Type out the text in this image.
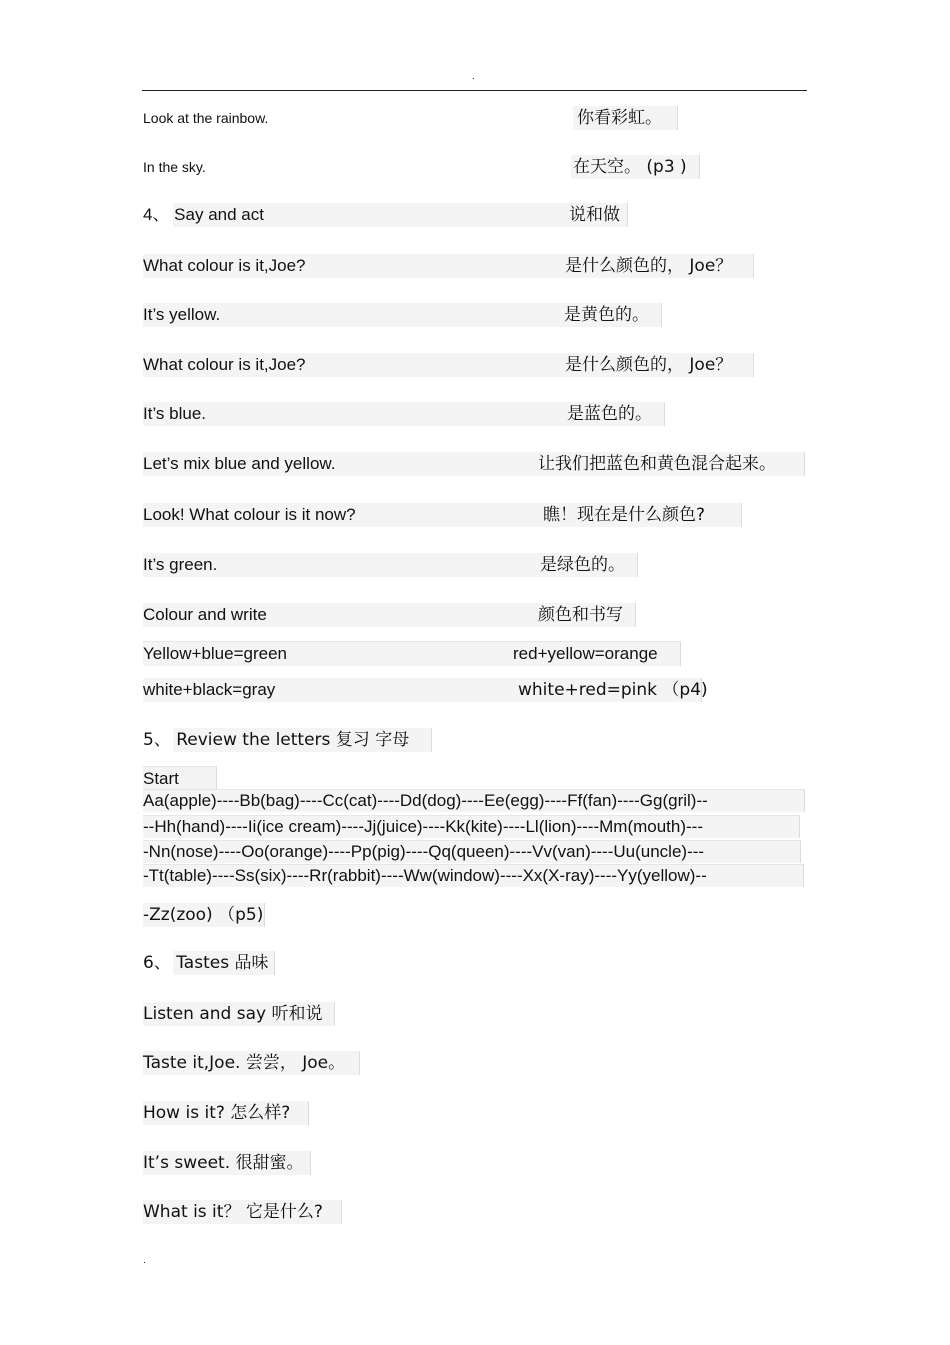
.
Look at the rainbow.	你看彩虹。
In the sky.	在天空。 (p3 )
4、 Say and act	说和做
What colour is it,Joe?	是什么颜色的， Joe？
It’s yellow.	是黄色的。
What colour is it,Joe?	是什么颜色的， Joe？
It’s blue.	是蓝色的。
Let’s mix blue and yellow.	让我们把蓝色和黄色混合起来。
Look! What colour is it now?	瞧！现在是什么颜色?
It’s green.	是绿色的。
Colour and write	颜色和书写
Yellow+blue=green	red+yellow=orange
white+black=gray	white+red=pink （p4)
5、 Review the letters 复习 字母
Start
Aa(apple)----Bb(bag)----Cc(cat)----Dd(dog)----Ee(egg)----Ff(fan)----Gg(gril)--
--Hh(hand)----Ii(ice cream)----Jj(juice)----Kk(kite)----Ll(lion)----Mm(mouth)---
-Nn(nose)----Oo(orange)----Pp(pig)----Qq(queen)----Vv(van)----Uu(uncle)---
-Tt(table)----Ss(six)----Rr(rabbit)----Ww(window)----Xx(X-ray)----Yy(yellow)--
-Zz(zoo) （p5)
6、 Tastes 品味
Listen and say 听和说
Taste it,Joe. 尝尝， Joe。
How is it? 怎么样?
It’s sweet. 很甜蜜。
What is it？ 它是什么?
.
